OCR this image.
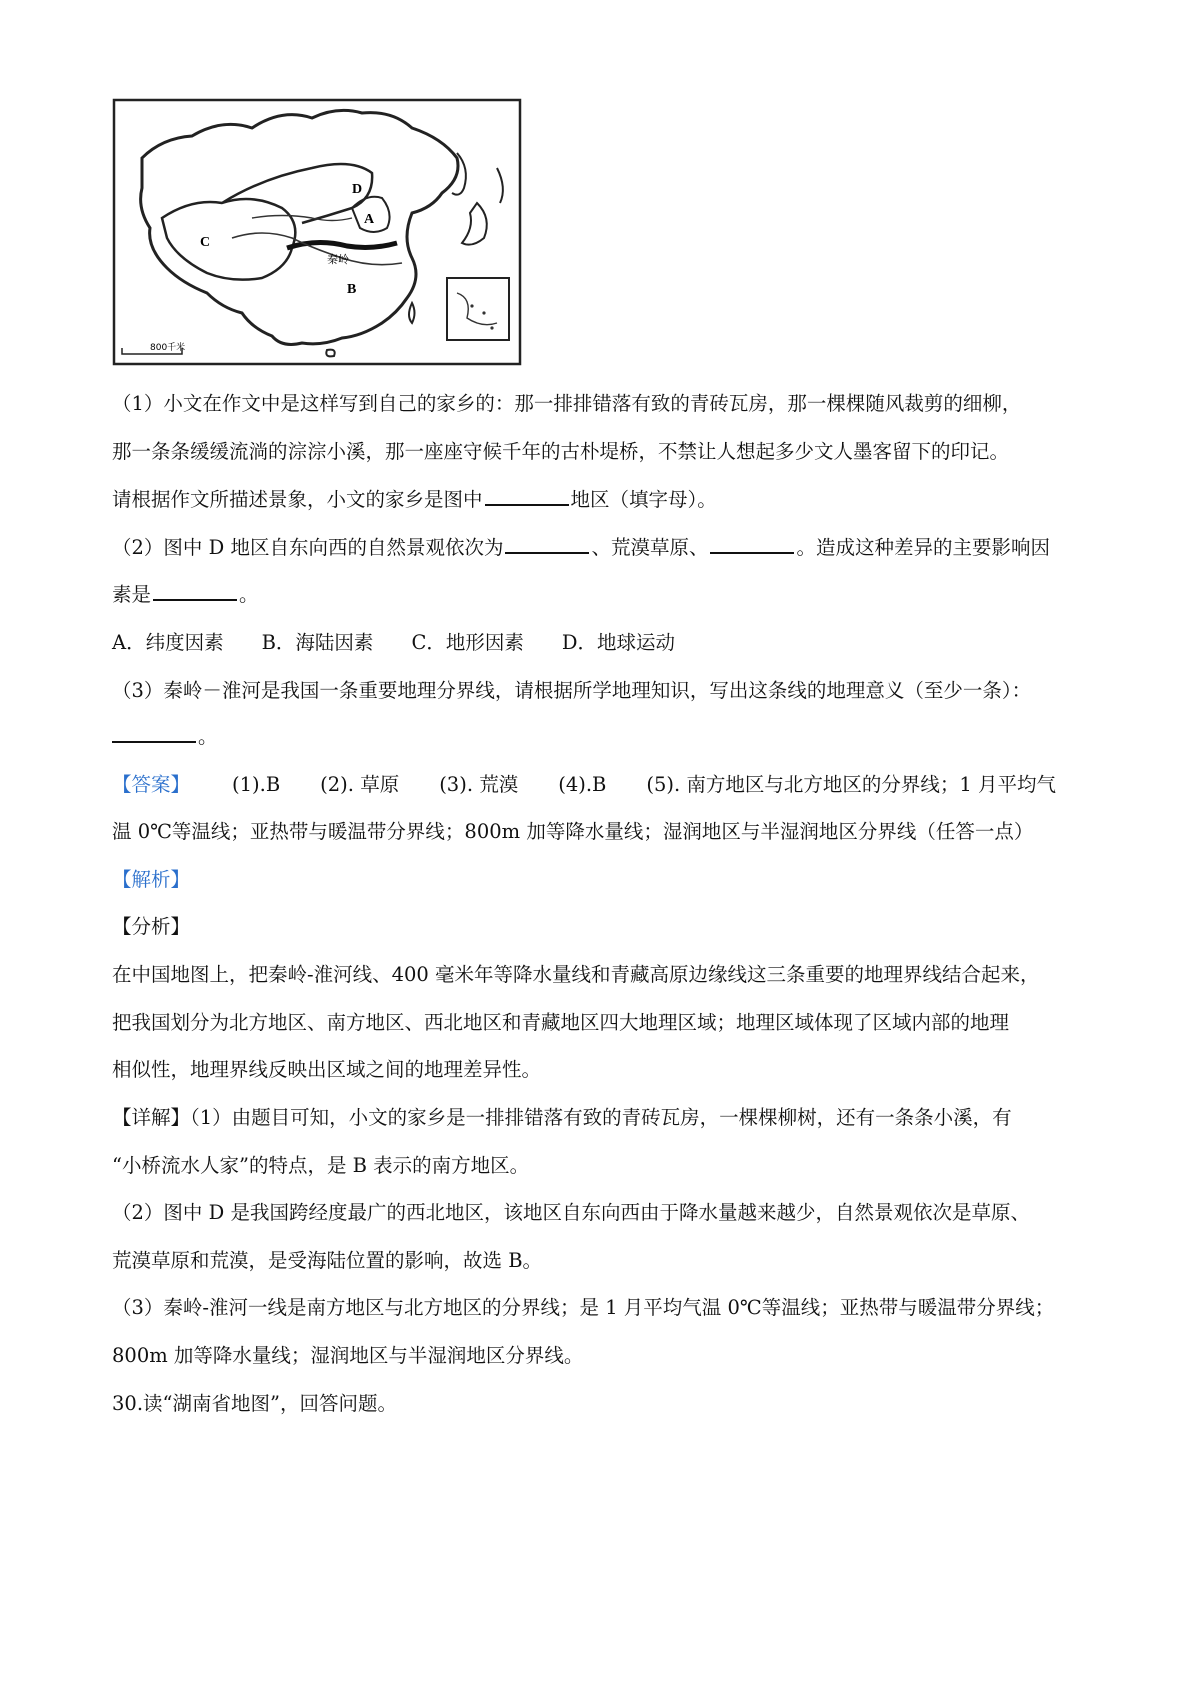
D
A
C
B
秦岭
800千米
（1）小文在作文中是这样写到自己的家乡的：那一排排错落有致的青砖瓦房，那一棵棵随风裁剪的细柳，
那一条条缓缓流淌的淙淙小溪，那一座座守候千年的古朴堤桥，不禁让人想起多少文人墨客留下的印记。
请根据作文所描述景象，小文的家乡是图中	地区（填字母）。
（2）图中 D 地区自东向西的自然景观依次为	、荒漠草原、	。造成这种差异的主要影响因
素是	。
A．纬度因素 B．海陆因素 C．地形因素 D．地球运动
（3）秦岭－淮河是我国一条重要地理分界线，请根据所学地理知识，写出这条线的地理意义（至少一条）：
。
【答案】 (1).B (2). 草原 (3). 荒漠 (4).B (5). 南方地区与北方地区的分界线；1 月平均气
温 0℃等温线；亚热带与暖温带分界线；800m 加等降水量线；湿润地区与半湿润地区分界线（任答一点）
【解析】
【分析】
在中国地图上，把秦岭-淮河线、400 毫米年等降水量线和青藏高原边缘线这三条重要的地理界线结合起来，
把我国划分为北方地区、南方地区、西北地区和青藏地区四大地理区域；地理区域体现了区域内部的地理
相似性，地理界线反映出区域之间的地理差异性。
【详解】（1）由题目可知，小文的家乡是一排排错落有致的青砖瓦房，一棵棵柳树，还有一条条小溪，有
“小桥流水人家”的特点，是 B 表示的南方地区。
（2）图中 D 是我国跨经度最广的西北地区，该地区自东向西由于降水量越来越少，自然景观依次是草原、
荒漠草原和荒漠，是受海陆位置的影响，故选 B。
（3）秦岭-淮河一线是南方地区与北方地区的分界线；是 1 月平均气温 0℃等温线；亚热带与暖温带分界线；
800m 加等降水量线；湿润地区与半湿润地区分界线。
30.读“湖南省地图”，回答问题。
